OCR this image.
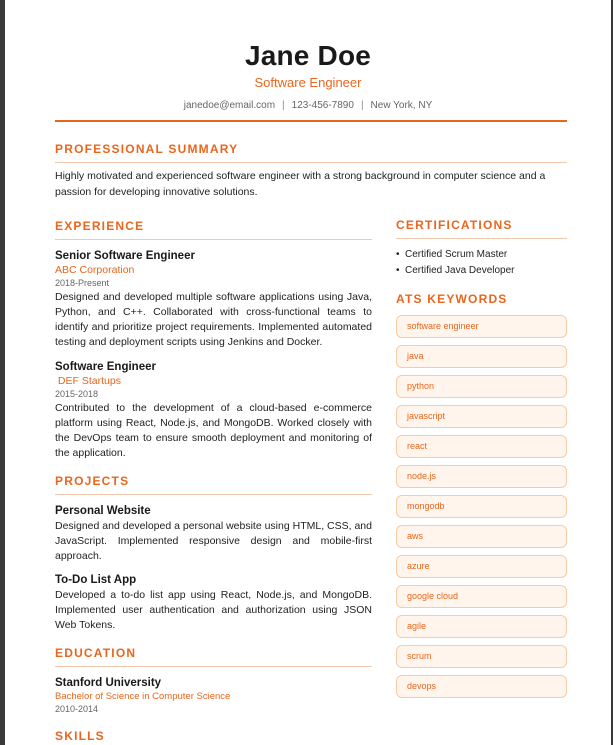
Jane Doe
Software Engineer
janedoe@email.com | 123-456-7890 | New York, NY
PROFESSIONAL SUMMARY

Highly motivated and experienced software engineer with a strong background in computer science and a passion for developing innovative solutions.

EXPERIENCE
Senior Software Engineer
ABC Corporation
2018-Present

Designed and developed multiple software applications using Java, Python, and C++. Collaborated with cross-functional teams to identify and prioritize project requirements. Implemented automated testing and deployment scripts using Jenkins and Docker.

Software Engineer
DEF Startups
2015-2018

Contributed to the development of a cloud-based e-commerce platform using React, Node.js, and MongoDB. Worked closely with the DevOps team to ensure smooth deployment and monitoring of the application.

PROJECTS
Personal Website

Designed and developed a personal website using HTML, CSS, and JavaScript. Implemented responsive design and mobile-first approach.

To-Do List App

Developed a to-do list app using React, Node.js, and MongoDB. Implemented user authentication and authorization using JSON Web Tokens.

EDUCATION
Stanford University
Bachelor of Science in Computer Science
2010-2014
SKILLS
CERTIFICATIONS
• Certified Scrum Master
• Certified Java Developer
ATS KEYWORDS
software engineer
java
python
javascript
react
node.js
mongodb
aws
azure
google cloud
agile
scrum
devops
